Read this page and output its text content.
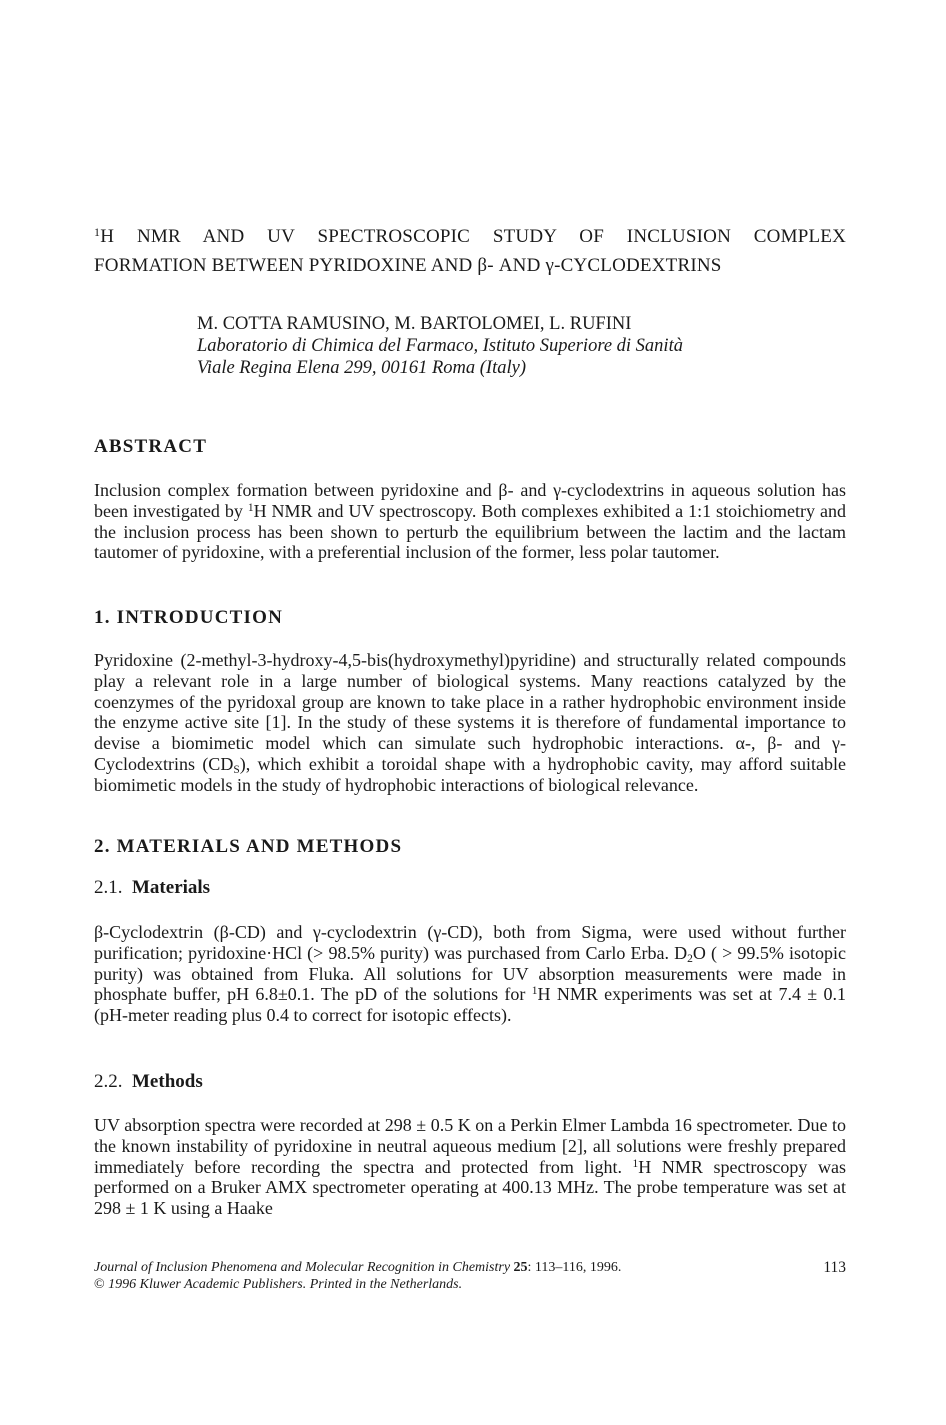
$^1$H NMR AND UV SPECTROSCOPIC STUDY OF INCLUSION COMPLEX
FORMATION BETWEEN PYRIDOXINE AND β- AND γ-CYCLODEXTRINS
M. COTTA RAMUSINO, M. BARTOLOMEI, L. RUFINI
Laboratorio di Chimica del Farmaco, Istituto Superiore di Sanità
Viale Regina Elena 299, 00161 Roma (Italy)
ABSTRACT

Inclusion complex formation between pyridoxine and β- and γ-cyclodextrins in aqueous solution has been investigated by $^1$H NMR and UV spectroscopy. Both complexes exhibited a 1:1 stoichiometry and the inclusion process has been shown to perturb the equilibrium between the lactim and the lactam tautomer of pyridoxine, with a preferential inclusion of the former, less polar tautomer.

1. INTRODUCTION

Pyridoxine (2-methyl-3-hydroxy-4,5-bis(hydroxymethyl)pyridine) and structurally related compounds play a relevant role in a large number of biological systems. Many reactions catalyzed by the coenzymes of the pyridoxal group are known to take place in a rather hydrophobic environment inside the enzyme active site [1]. In the study of these systems it is therefore of fundamental importance to devise a biomimetic model which can simulate such hydrophobic interactions. α-, β- and γ-Cyclodextrins $(CD_S)$, which exhibit a toroidal shape with a hydrophobic cavity, may afford suitable biomimetic models in the study of hydrophobic interactions of biological relevance.

2. MATERIALS AND METHODS
2.1. Materials

β-Cyclodextrin (β-CD) and γ-cyclodextrin (γ-CD), both from Sigma, were used without further purification; pyridoxine·HCl (> 98.5% purity) was purchased from Carlo Erba. $D_2O$ ( > 99.5% isotopic purity) was obtained from Fluka. All solutions for UV absorption measurements were made in phosphate buffer, pH 6.8±0.1. The pD of the solutions for $^1$H NMR experiments was set at 7.4 ± 0.1 (pH-meter reading plus 0.4 to correct for isotopic effects).

2.2. Methods

UV absorption spectra were recorded at 298 ± 0.5 K on a Perkin Elmer Lambda 16 spectrometer. Due to the known instability of pyridoxine in neutral aqueous medium [2], all solutions were freshly prepared immediately before recording the spectra and protected from light. $^1$H NMR spectroscopy was performed on a Bruker AMX spectrometer operating at 400.13 MHz. The probe temperature was set at 298 ± 1 K using a Haake

Journal of Inclusion Phenomena and Molecular Recognition in Chemistry 25: 113–116, 1996.
© 1996 Kluwer Academic Publishers. Printed in the Netherlands.
113
